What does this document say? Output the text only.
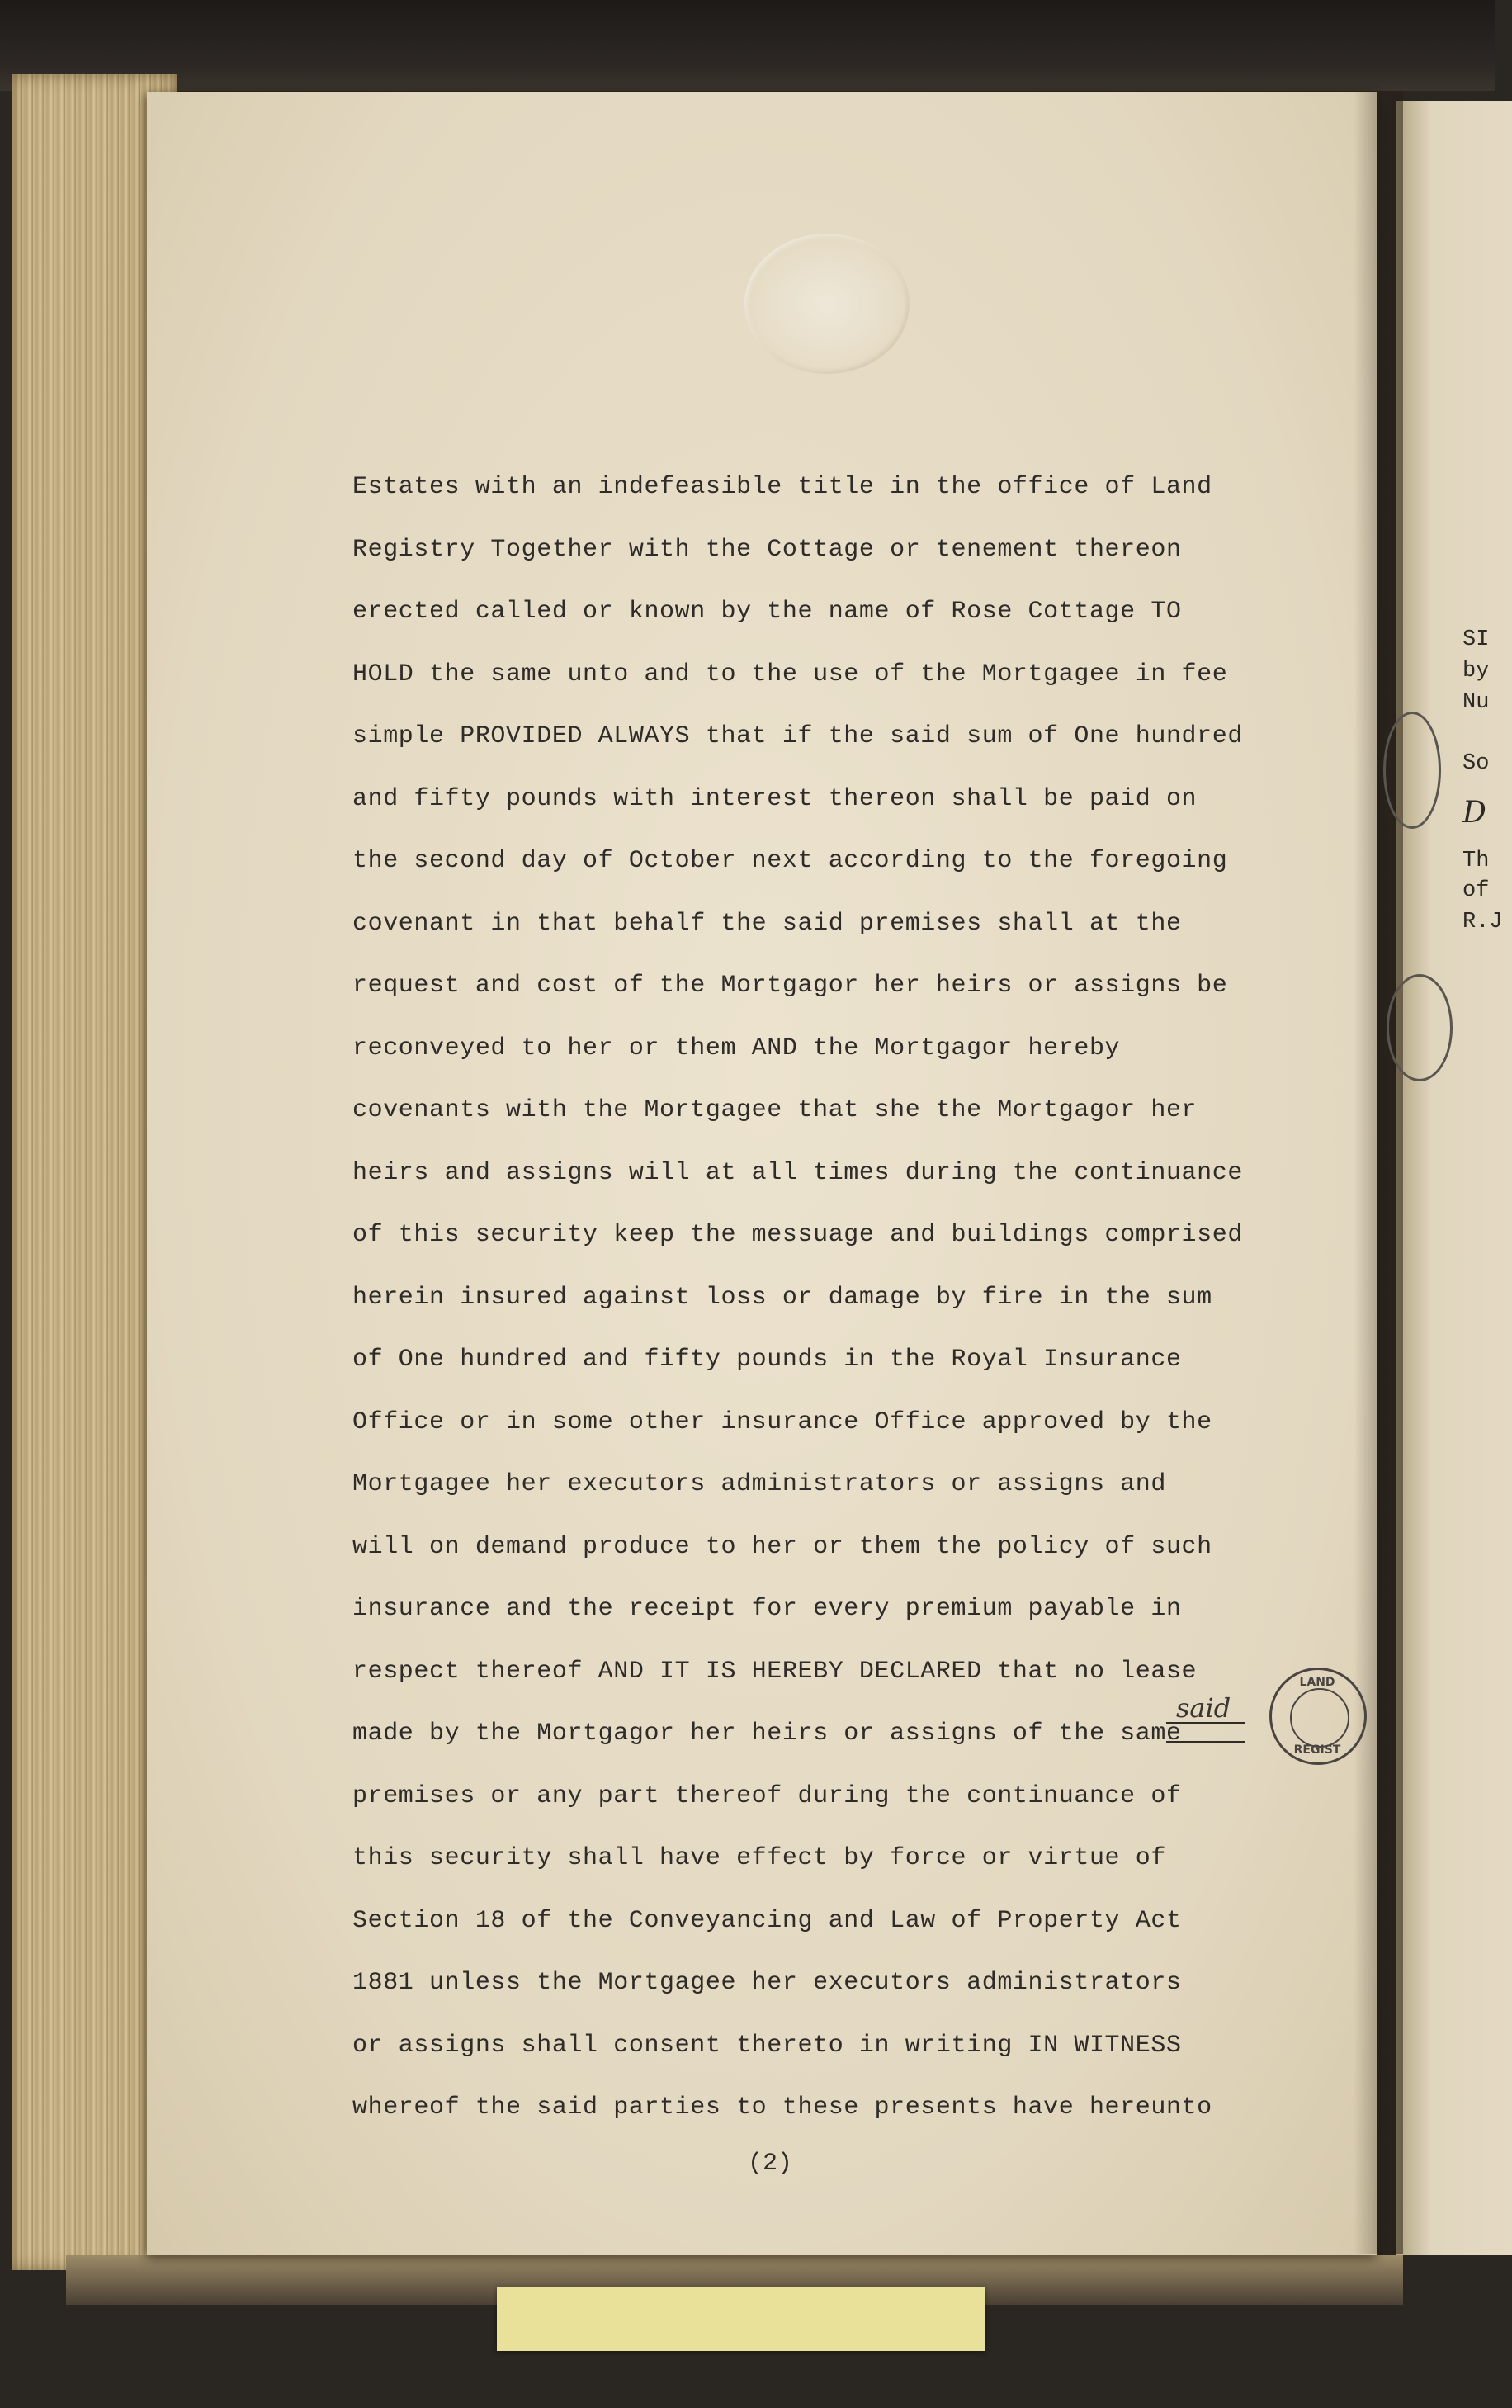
Estates with an indefeasible title in the office of Land
Registry Together with the Cottage or tenement thereon
erected called or known by the name of Rose Cottage TO
HOLD the same unto and to the use of the Mortgagee in fee
simple PROVIDED ALWAYS that if the said sum of One hundred
and fifty pounds with interest thereon shall be paid on
the second day of October next according to the foregoing
covenant in that behalf the said premises shall at the
request and cost of the Mortgagor her heirs or assigns be
reconveyed to her or them AND the Mortgagor hereby
covenants with the Mortgagee that she the Mortgagor her
heirs and assigns will at all times during the continuance
of this security keep the messuage and buildings comprised
herein insured against loss or damage by fire in the sum
of One hundred and fifty pounds in the Royal Insurance
Office or in some other insurance Office approved by the
Mortgagee her executors administrators or assigns and
will on demand produce to her or them the policy of such
insurance and the receipt for every premium payable in
respect thereof AND IT IS HEREBY DECLARED that no lease
made by the Mortgagor her heirs or assigns of the same
premises or any part thereof during the continuance of
this security shall have effect by force or virtue of
Section 18 of the Conveyancing and Law of Property Act
1881 unless the Mortgagee her executors administrators
or assigns shall consent thereto in writing IN WITNESS
whereof the said parties to these presents have hereunto
said
(2)
LAND
REGIST
SI
by
Nu
So
D
Th
of
R.J
